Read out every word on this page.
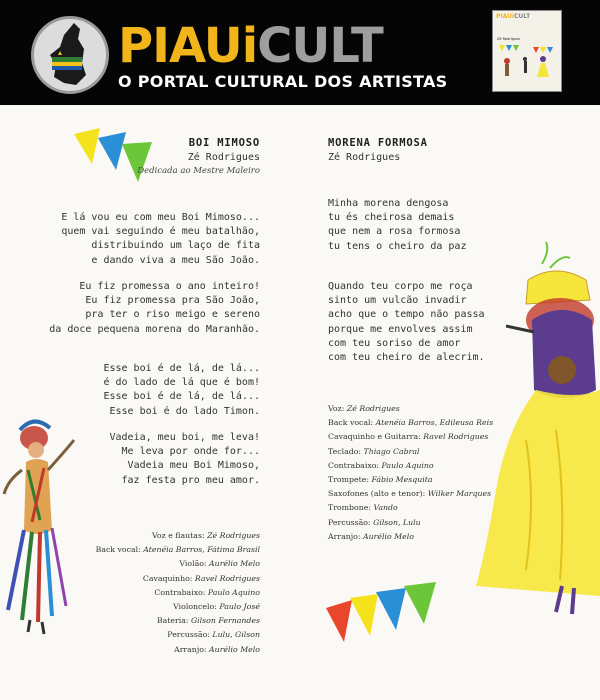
PIAUiCULT
O PORTAL CULTURAL DOS ARTISTAS
PIAUiCULT
Zé Rodrigues
BOI MIMOSO
Zé Rodrigues
Dedicada ao Mestre Maleiro
E lá vou eu com meu Boi Mimoso...
quem vai seguindo é meu batalhão,
distribuindo um laço de fita
e dando viva a meu São João.
Eu fiz promessa o ano inteiro!
Eu fiz promessa pra São João,
pra ter o riso meigo e sereno
da doce pequena morena do Maranhão.
Esse boi é de lá, de lá...
é do lado de lá que é bom!
Esse boi é de lá, de lá...
Esse boi é do lado Timon.
Vadeia, meu boi, me leva!
Me leva por onde for...
Vadeia meu Boi Mimoso,
faz festa pro meu amor.
Voz e flautas: Zé Rodrigues
Back vocal: Atenéia Barros, Fátima Brasil
Violão: Aurélio Melo
Cavaquinho: Ravel Rodrigues
Contrabaixo: Paulo Aquino
Violoncelo: Paulo José
Bateria: Gilson Fernandes
Percussão: Lulu, Gilson
Arranjo: Aurélio Melo
MORENA FORMOSA
Zé Rodrigues
Minha morena dengosa
tu és cheirosa demais
que nem a rosa formosa
tu tens o cheiro da paz
Quando teu corpo me roça
sinto um vulcão invadir
acho que o tempo não passa
porque me envolves assim
com teu soriso de amor
com teu cheiro de alecrim.
Voz: Zé Rodrigues
Back vocal: Atenéia Barros, Edileusa Reis
Cavaquinho e Guitarra: Ravel Rodrigues
Teclado: Thiago Cabral
Contrabaixo: Paulo Aquino
Trompete: Fábio Mesquita
Saxofones (alto e tenor): Wilker Marques
Trombone: Vando
Percussão: Gilson, Lulu
Arranjo: Aurélio Melo
